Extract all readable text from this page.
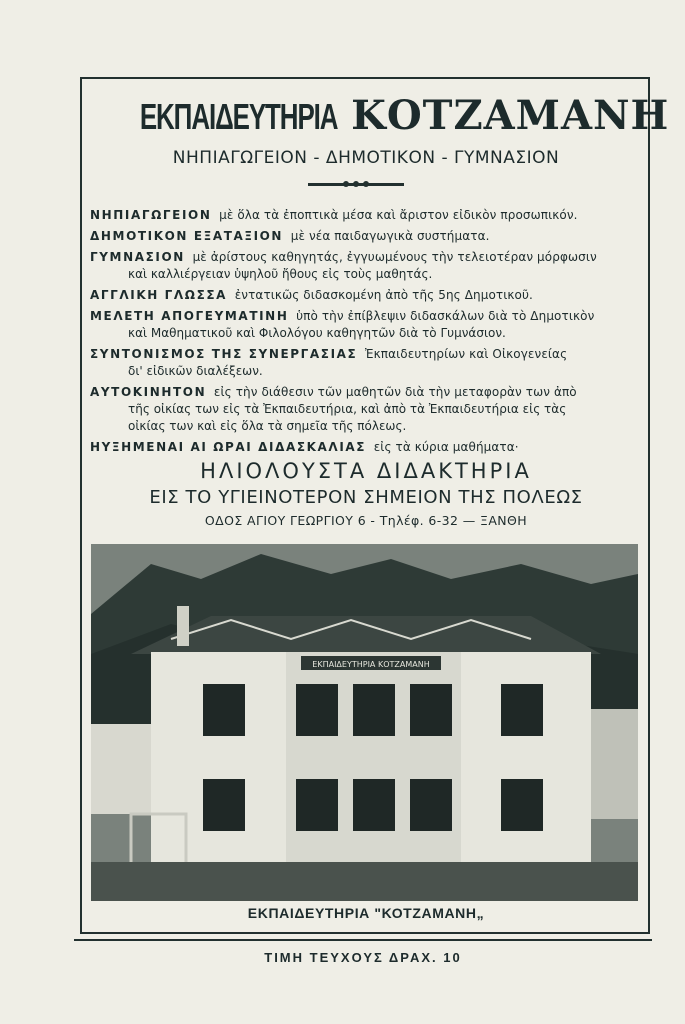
ΕΚΠΑΙΔΕΥΤΗΡΙΑ ΚΟΤΖΑΜΑΝΗ
ΝΗΠΙΑΓΩΓΕΙΟΝ - ΔΗΜΟΤΙΚΟΝ - ΓΥΜΝΑΣΙΟΝ
ΝΗΠΙΑΓΩΓΕΙΟΝ μὲ ὅλα τὰ ἐποπτικὰ μέσα καὶ ἄριστον εἰδικὸν προσωπικόν.
ΔΗΜΟΤΙΚΟΝ ΕΞΑΤΑΞΙΟΝ μὲ νέα παιδαγωγικὰ συστήματα.
ΓΥΜΝΑΣΙΟΝ μὲ ἀρίστους καθηγητάς, ἐγγυωμένους τὴν τελειοτέραν μόρφωσιν
καὶ καλλιέργειαν ὑψηλοῦ ἤθους εἰς τοὺς μαθητάς.
ΑΓΓΛΙΚΗ ΓΛΩΣΣΑ ἐντατικῶς διδασκομένη ἀπὸ τῆς 5ης Δημοτικοῦ.
ΜΕΛΕΤΗ ΑΠΟΓΕΥΜΑΤΙΝΗ ὑπὸ τὴν ἐπίβλεψιν διδασκάλων διὰ τὸ Δημοτικὸν
καὶ Μαθηματικοῦ καὶ Φιλολόγου καθηγητῶν διὰ τὸ Γυμνάσιον.
ΣΥΝΤΟΝΙΣΜΟΣ ΤΗΣ ΣΥΝΕΡΓΑΣΙΑΣ Ἐκπαιδευτηρίων καὶ Οἰκογενείας
δι' εἰδικῶν διαλέξεων.
ΑΥΤΟΚΙΝΗΤΟΝ εἰς τὴν διάθεσιν τῶν μαθητῶν διὰ τὴν μεταφορὰν των ἀπὸ
τῆς οἰκίας των εἰς τὰ Ἐκπαιδευτήρια, καὶ ἀπὸ τὰ Ἐκπαιδευτήρια εἰς τὰς
οἰκίας των καὶ εἰς ὅλα τὰ σημεῖα τῆς πόλεως.
ΗΥΞΗΜΕΝΑΙ ΑΙ ΩΡΑΙ ΔΙΔΑΣΚΑΛΙΑΣ εἰς τὰ κύρια μαθήματα·
ΗΛΙΟΛΟΥΣΤΑ ΔΙΔΑΚΤΗΡΙΑ
ΕΙΣ ΤΟ ΥΓΙΕΙΝΟΤΕΡΟΝ ΣΗΜΕΙΟΝ ΤΗΣ ΠΟΛΕΩΣ
ΟΔΟΣ ΑΓΙΟΥ ΓΕΩΡΓΙΟΥ 6 - Τηλέφ. 6-32 — ΞΑΝΘΗ
ΕΚΠΑΙΔΕΥΤΗΡΙΑ ΚΟΤΖΑΜΑΝΗ
ΕΚΠΑΙΔΕΥΤΗΡΙΑ "ΚΟΤΖΑΜΑΝΗ„
ΤΙΜΗ ΤΕΥΧΟΥΣ ΔΡΑΧ. 10
